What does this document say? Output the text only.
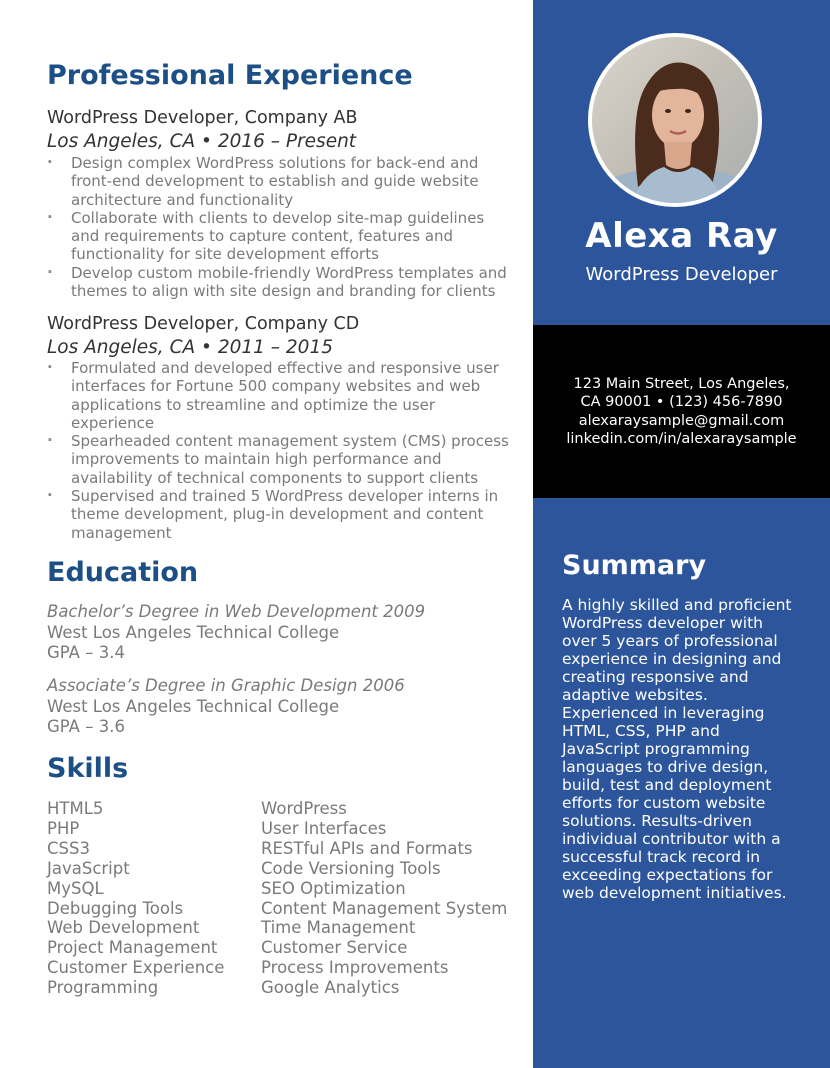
Professional Experience
WordPress Developer, Company AB
Los Angeles, CA • 2016 – Present
· Design complex WordPress solutions for back-end and front-end development to establish and guide website architecture and functionality
· Collaborate with clients to develop site-map guidelines and requirements to capture content, features and functionality for site development efforts
· Develop custom mobile-friendly WordPress templates and themes to align with site design and branding for clients
WordPress Developer, Company CD
Los Angeles, CA • 2011 – 2015
· Formulated and developed effective and responsive user interfaces for Fortune 500 company websites and web applications to streamline and optimize the user experience
· Spearheaded content management system (CMS) process improvements to maintain high performance and availability of technical components to support clients
· Supervised and trained 5 WordPress developer interns in theme development, plug-in development and content management
Education
Bachelor’s Degree in Web Development 2009
West Los Angeles Technical College
GPA – 3.4
Associate’s Degree in Graphic Design 2006
West Los Angeles Technical College
GPA – 3.6
Skills
HTML5
PHP
CSS3
JavaScript
MySQL
Debugging Tools
Web Development
Project Management
Customer Experience
Programming
WordPress
User Interfaces
RESTful APIs and Formats
Code Versioning Tools
SEO Optimization
Content Management System
Time Management
Customer Service
Process Improvements
Google Analytics
Alexa Ray
WordPress Developer
123 Main Street, Los Angeles,
CA 90001 • (123) 456-7890
alexaraysample@gmail.com
linkedin.com/in/alexaraysample
Summary
A highly skilled and proficient WordPress developer with over 5 years of professional experience in designing and creating responsive and adaptive websites. Experienced in leveraging HTML, CSS, PHP and JavaScript programming languages to drive design, build, test and deployment efforts for custom website solutions. Results-driven individual contributor with a successful track record in exceeding expectations for web development initiatives.
